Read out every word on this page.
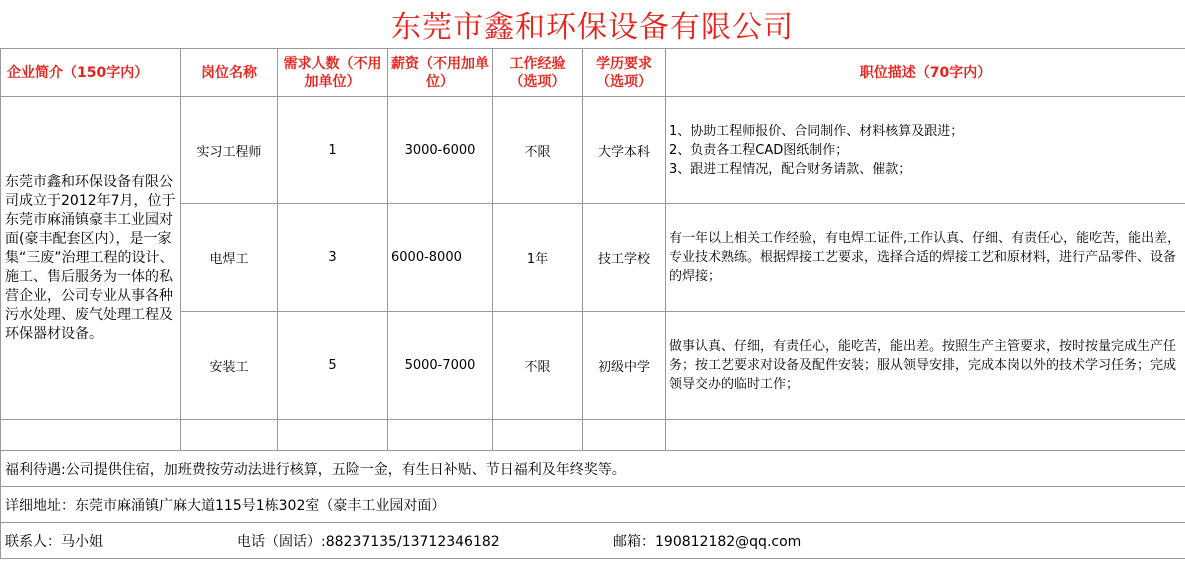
东莞市鑫和环保设备有限公司
企业简介（150字内）	岗位名称	需求人数（不用加单位）	薪资（不用加单位）	工作经验（选项）	学历要求（选项）	职位描述（70字内）
东莞市鑫和环保设备有限公司成立于2012年7月，位于东莞市麻涌镇豪丰工业园对面(豪丰配套区内），是一家集“三废”治理工程的设计、施工、售后服务为一体的私营企业，公司专业从事各种污水处理、废气处理工程及环保器材设备。	实习工程师	1	3000-6000	不限	大学本科	1、协助工程师报价、合同制作、材料核算及跟进；
2、负责各工程CAD图纸制作；
3、跟进工程情况，配合财务请款、催款；
	电焊工	3	6000-8000	1年	技工学校	有一年以上相关工作经验，有电焊工证件,工作认真、仔细、有责任心，能吃苦，能出差，专业技术熟练。根据焊接工艺要求，选择合适的焊接工艺和原材料，进行产品零件、设备的焊接；
	安装工	5	5000-7000	不限	初级中学	做事认真、仔细，有责任心，能吃苦，能出差。按照生产主管要求，按时按量完成生产任务；按工艺要求对设备及配件安装；服从领导安排，完成本岗以外的技术学习任务；完成领导交办的临时工作；

福利待遇:公司提供住宿，加班费按劳动法进行核算，五险一金，有生日补贴、节日福利及年终奖等。						
详细地址：东莞市麻涌镇广麻大道115号1栋302室（豪丰工业园对面）						

联系人：马小姐 电话（固话）:88237135/13712346182 邮箱：190812182@qq.com						
